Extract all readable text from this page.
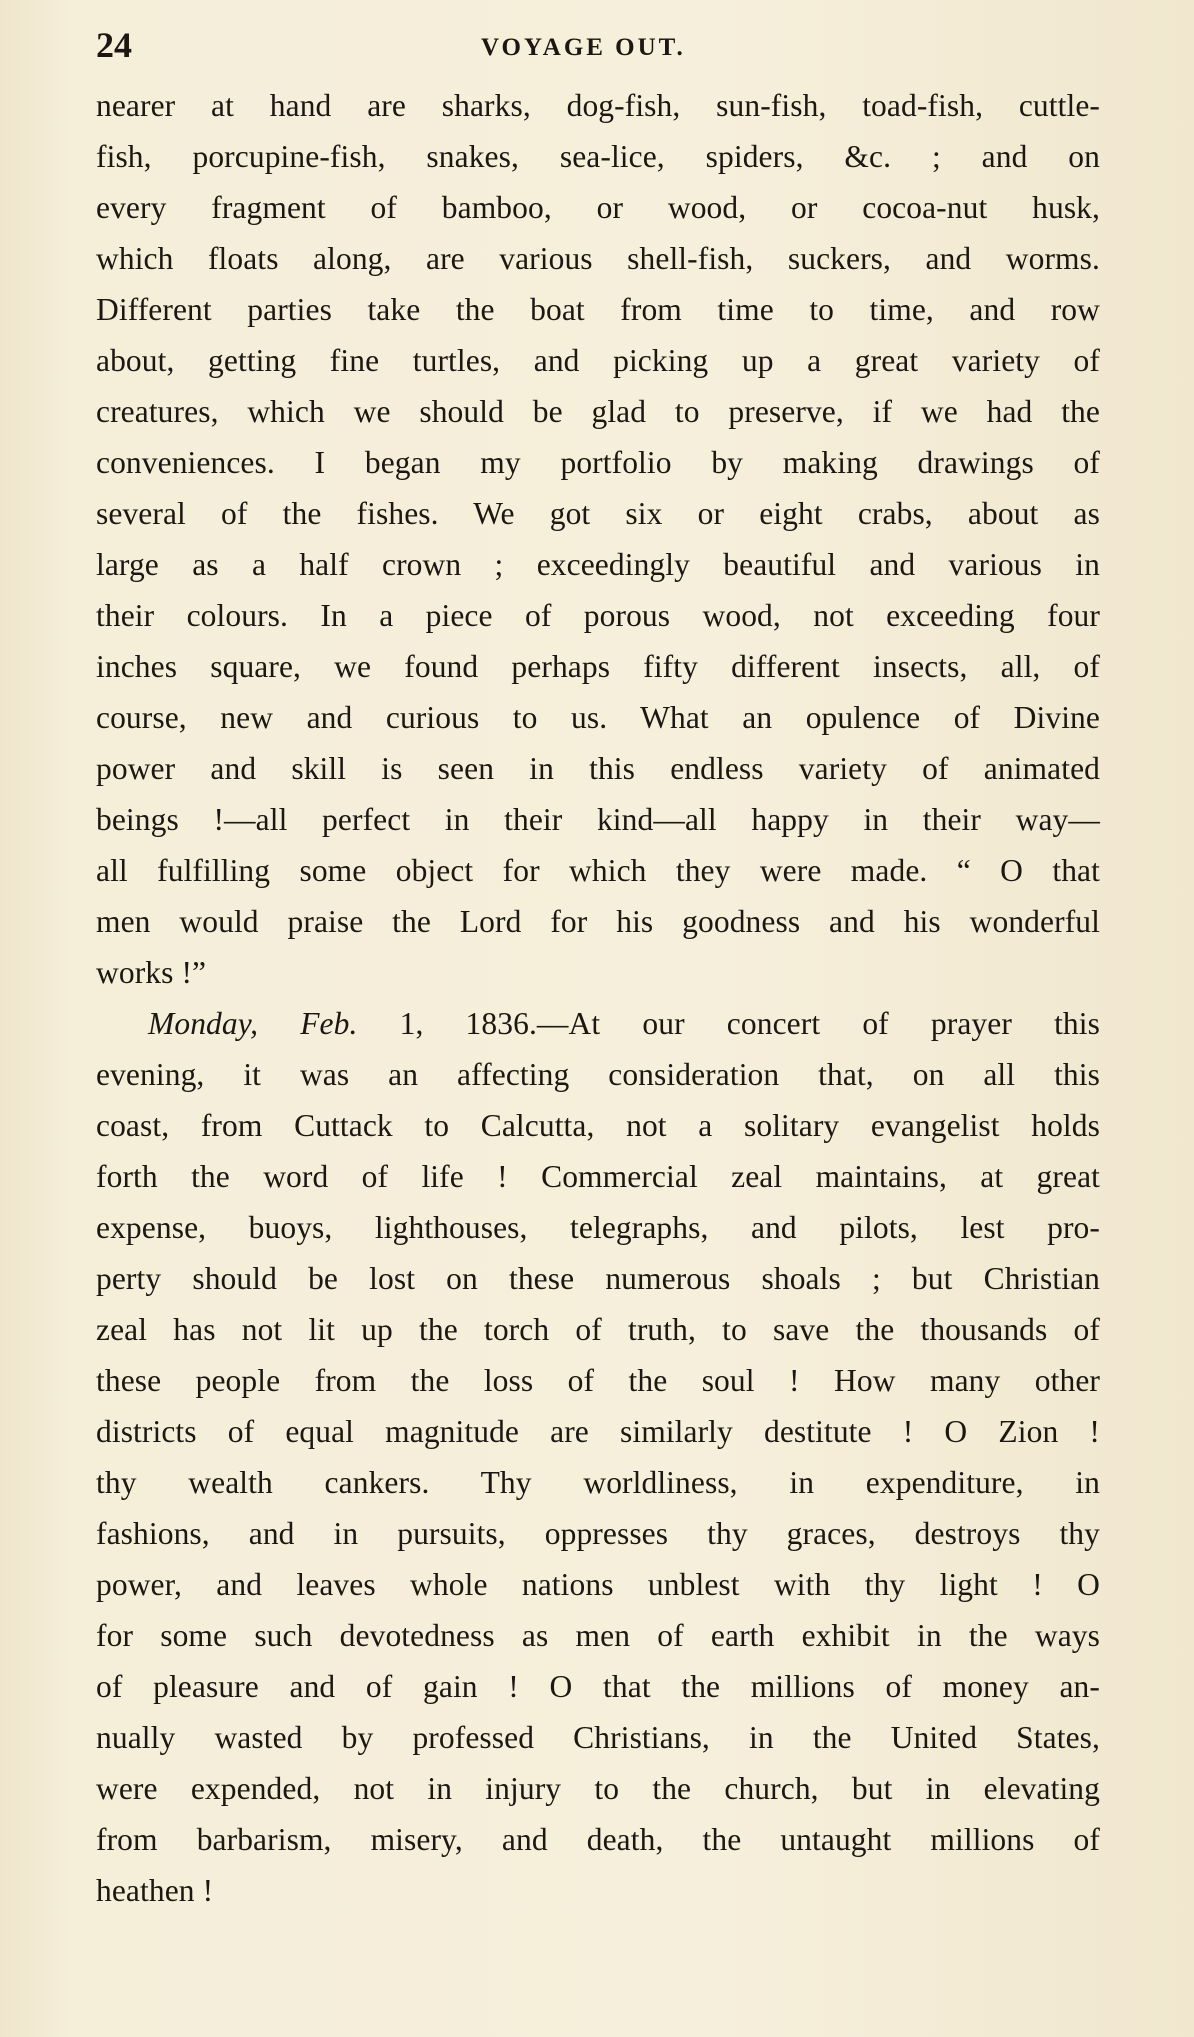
24	VOYAGE OUT.
nearer at hand are sharks, dog-fish, sun-fish, toad-fish, cuttle-
fish, porcupine-fish, snakes, sea-lice, spiders, &c. ; and on
every fragment of bamboo, or wood, or cocoa-nut husk,
which floats along, are various shell-fish, suckers, and worms.
Different parties take the boat from time to time, and row
about, getting fine turtles, and picking up a great variety of
creatures, which we should be glad to preserve, if we had the
conveniences. I began my portfolio by making drawings of
several of the fishes. We got six or eight crabs, about as
large as a half crown ; exceedingly beautiful and various in
their colours. In a piece of porous wood, not exceeding four
inches square, we found perhaps fifty different insects, all, of
course, new and curious to us. What an opulence of Divine
power and skill is seen in this endless variety of animated
beings !—all perfect in their kind—all happy in their way—
all fulfilling some object for which they were made. “ O that
men would praise the Lord for his goodness and his wonderful
works !”
Monday, Feb. 1, 1836.—At our concert of prayer this
evening, it was an affecting consideration that, on all this
coast, from Cuttack to Calcutta, not a solitary evangelist holds
forth the word of life ! Commercial zeal maintains, at great
expense, buoys, lighthouses, telegraphs, and pilots, lest pro-
perty should be lost on these numerous shoals ; but Christian
zeal has not lit up the torch of truth, to save the thousands of
these people from the loss of the soul ! How many other
districts of equal magnitude are similarly destitute ! O Zion !
thy wealth cankers. Thy worldliness, in expenditure, in
fashions, and in pursuits, oppresses thy graces, destroys thy
power, and leaves whole nations unblest with thy light ! O
for some such devotedness as men of earth exhibit in the ways
of pleasure and of gain ! O that the millions of money an-
nually wasted by professed Christians, in the United States,
were expended, not in injury to the church, but in elevating
from barbarism, misery, and death, the untaught millions of
heathen !
